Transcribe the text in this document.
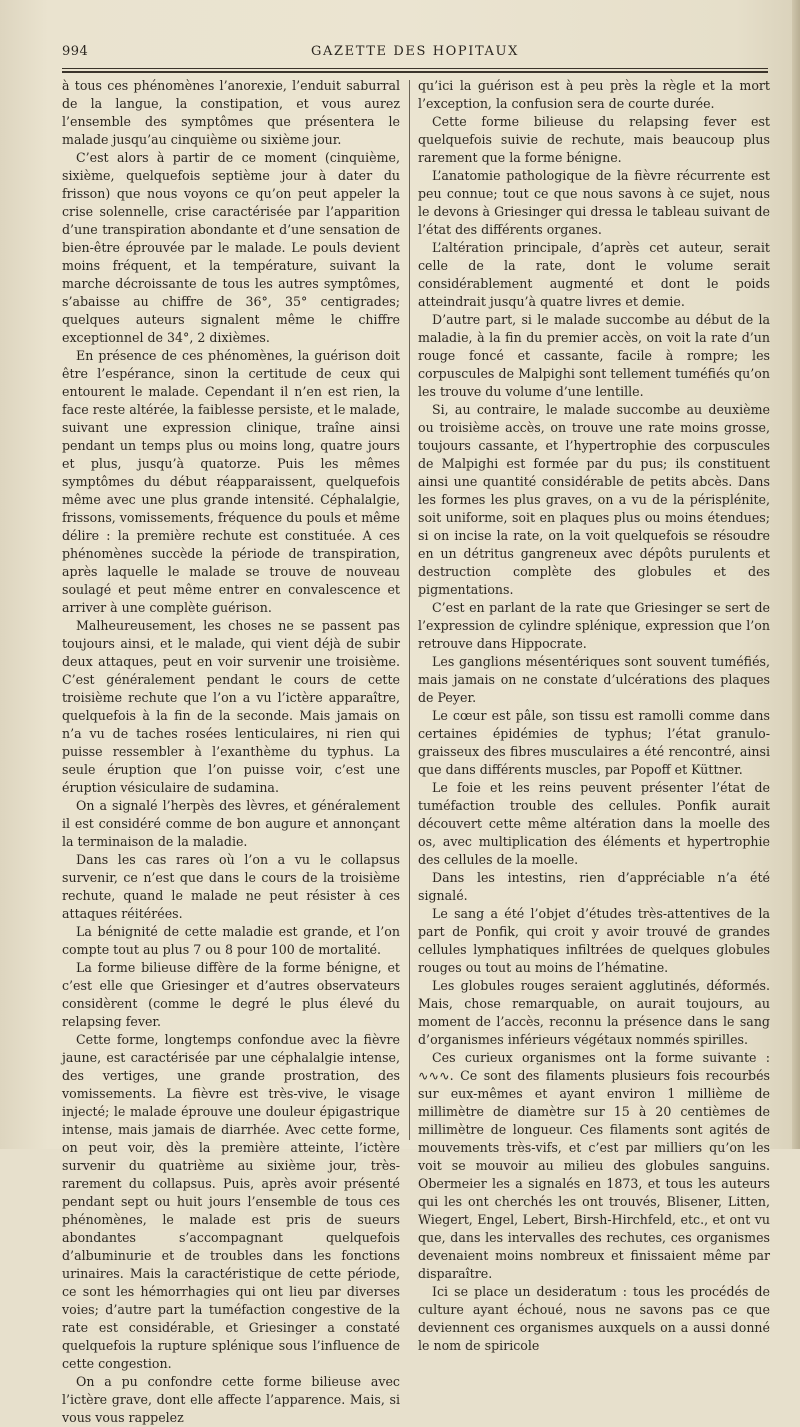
994	GAZETTE DES HOPITAUX

à tous ces phénomènes l’anorexie, l’enduit saburral de la langue, la constipation, et vous aurez l’ensemble des symptômes que présentera le malade jusqu’au cinquième ou sixième jour.

C’est alors à partir de ce moment (cinquième, sixième, quelquefois septième jour à dater du frisson) que nous voyons ce qu’on peut appeler la crise solennelle, crise caractérisée par l’apparition d’une transpiration abondante et d’une sensation de bien-être éprouvée par le malade. Le pouls devient moins fréquent, et la température, suivant la marche décroissante de tous les autres symptômes, s’abaisse au chiffre de 36°, 35° centigrades; quelques auteurs signalent même le chiffre exceptionnel de 34°, 2 dixièmes.

En présence de ces phénomènes, la guérison doit être l’espérance, sinon la certitude de ceux qui entourent le malade. Cependant il n’en est rien, la face reste altérée, la faiblesse persiste, et le malade, suivant une expression clinique, traîne ainsi pendant un temps plus ou moins long, quatre jours et plus, jusqu’à quatorze. Puis les mêmes symptômes du début réapparaissent, quelquefois même avec une plus grande intensité. Céphalalgie, frissons, vomissements, fréquence du pouls et même délire : la première rechute est constituée. A ces phénomènes succède la période de transpiration, après laquelle le malade se trouve de nouveau soulagé et peut même entrer en convalescence et arriver à une complète guérison.

Malheureusement, les choses ne se passent pas toujours ainsi, et le malade, qui vient déjà de subir deux attaques, peut en voir survenir une troisième. C’est généralement pendant le cours de cette troisième rechute que l’on a vu l’ictère apparaître, quelquefois à la fin de la seconde. Mais jamais on n’a vu de taches rosées lenticulaires, ni rien qui puisse ressembler à l’exanthème du typhus. La seule éruption que l’on puisse voir, c’est une éruption vésiculaire de sudamina.

On a signalé l’herpès des lèvres, et généralement il est considéré comme de bon augure et annonçant la terminaison de la maladie.

Dans les cas rares où l’on a vu le collapsus survenir, ce n’est que dans le cours de la troisième rechute, quand le malade ne peut résister à ces attaques réitérées.

La bénignité de cette maladie est grande, et l’on compte tout au plus 7 ou 8 pour 100 de mortalité.

La forme bilieuse diffère de la forme bénigne, et c’est elle que Griesinger et d’autres observateurs considèrent (comme le degré le plus élevé du relapsing fever.

Cette forme, longtemps confondue avec la fièvre jaune, est caractérisée par une céphalalgie intense, des vertiges, une grande prostration, des vomissements. La fièvre est très-vive, le visage injecté; le malade éprouve une douleur épigastrique intense, mais jamais de diarrhée. Avec cette forme, on peut voir, dès la première atteinte, l’ictère survenir du quatrième au sixième jour, très-rarement du collapsus. Puis, après avoir présenté pendant sept ou huit jours l’ensemble de tous ces phénomènes, le malade est pris de sueurs abondantes s’accompagnant quelquefois d’albuminurie et de troubles dans les fonctions urinaires. Mais la caractéristique de cette période, ce sont les hémorrhagies qui ont lieu par diverses voies; d’autre part la tuméfaction congestive de la rate est considérable, et Griesinger a constaté quelquefois la rupture splénique sous l’influence de cette congestion.

On a pu confondre cette forme bilieuse avec l’ictère grave, dont elle affecte l’apparence. Mais, si vous vous rappelez

qu’ici la guérison est à peu près la règle et la mort l’exception, la confusion sera de courte durée.

Cette forme bilieuse du relapsing fever est quelquefois suivie de rechute, mais beaucoup plus rarement que la forme bénigne.

L’anatomie pathologique de la fièvre récurrente est peu connue; tout ce que nous savons à ce sujet, nous le devons à Griesinger qui dressa le tableau suivant de l’état des différents organes.

L’altération principale, d’après cet auteur, serait celle de la rate, dont le volume serait considérablement augmenté et dont le poids atteindrait jusqu’à quatre livres et demie.

D’autre part, si le malade succombe au début de la maladie, à la fin du premier accès, on voit la rate d’un rouge foncé et cassante, facile à rompre; les corpuscules de Malpighi sont tellement tuméfiés qu’on les trouve du volume d’une lentille.

Si, au contraire, le malade succombe au deuxième ou troisième accès, on trouve une rate moins grosse, toujours cassante, et l’hypertrophie des corpuscules de Malpighi est formée par du pus; ils constituent ainsi une quantité considérable de petits abcès. Dans les formes les plus graves, on a vu de la périsplénite, soit uniforme, soit en plaques plus ou moins étendues; si on incise la rate, on la voit quelquefois se résoudre en un détritus gangreneux avec dépôts purulents et destruction complète des globules et des pigmentations.

C’est en parlant de la rate que Griesinger se sert de l’expression de cylindre splénique, expression que l’on retrouve dans Hippocrate.

Les ganglions mésentériques sont souvent tuméfiés, mais jamais on ne constate d’ulcérations des plaques de Peyer.

Le cœur est pâle, son tissu est ramolli comme dans certaines épidémies de typhus; l’état granulo-graisseux des fibres musculaires a été rencontré, ainsi que dans différents muscles, par Popoff et Küttner.

Le foie et les reins peuvent présenter l’état de tuméfaction trouble des cellules. Ponfik aurait découvert cette même altération dans la moelle des os, avec multiplication des éléments et hypertrophie des cellules de la moelle.

Dans les intestins, rien d’appréciable n’a été signalé.

Le sang a été l’objet d’études très-attentives de la part de Ponfik, qui croit y avoir trouvé de grandes cellules lymphatiques infiltrées de quelques globules rouges ou tout au moins de l’hématine.

Les globules rouges seraient agglutinés, déformés. Mais, chose remarquable, on aurait toujours, au moment de l’accès, reconnu la présence dans le sang d’organismes inférieurs végétaux nommés spirilles.

Ces curieux organismes ont la forme suivante : ∿∿∿. Ce sont des filaments plusieurs fois recourbés sur eux-mêmes et ayant environ 1 millième de millimètre de diamètre sur 15 à 20 centièmes de millimètre de longueur. Ces filaments sont agités de mouvements très-vifs, et c’est par milliers qu’on les voit se mouvoir au milieu des globules sanguins. Obermeier les a signalés en 1873, et tous les auteurs qui les ont cherchés les ont trouvés, Blisener, Litten, Wiegert, Engel, Lebert, Birsh-Hirchfeld, etc., et ont vu que, dans les intervalles des rechutes, ces organismes devenaient moins nombreux et finissaient même par disparaître.

Ici se place un desideratum : tous les procédés de culture ayant échoué, nous ne savons pas ce que deviennent ces organismes auxquels on a aussi donné le nom de spiricole
